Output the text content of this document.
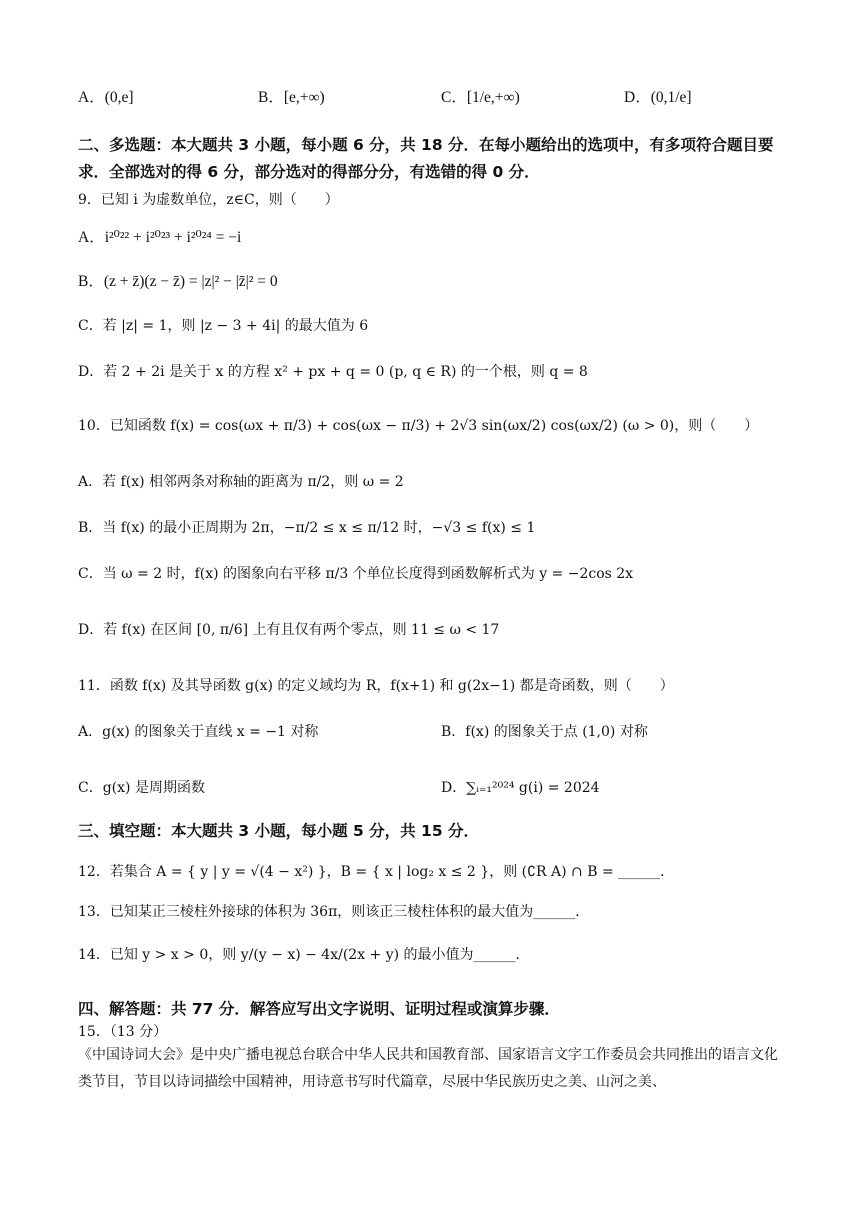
A．(0,e]	B．[e,+∞)	C．[1/e,+∞)	D．(0,1/e]
二、多选题：本大题共 3 小题，每小题 6 分，共 18 分．在每小题给出的选项中，有多项符合题目要求．全部选对的得 6 分，部分选对的得部分分，有选错的得 0 分．
9．已知 i 为虚数单位，z∈C，则（　　）
A．i²⁰²² + i²⁰²³ + i²⁰²⁴ = −i
B．(z + z̄)(z − z̄) = |z|² − |z̄|² = 0
C．若 |z| = 1，则 |z − 3 + 4i| 的最大值为 6
D．若 2 + 2i 是关于 x 的方程 x² + px + q = 0 (p, q ∈ R) 的一个根，则 q = 8
10．已知函数 f(x) = cos(ωx + π/3) + cos(ωx − π/3) + 2√3 sin(ωx/2) cos(ωx/2) (ω > 0)，则（　　）
A．若 f(x) 相邻两条对称轴的距离为 π/2，则 ω = 2
B．当 f(x) 的最小正周期为 2π，−π/2 ≤ x ≤ π/12 时，−√3 ≤ f(x) ≤ 1
C．当 ω = 2 时，f(x) 的图象向右平移 π/3 个单位长度得到函数解析式为 y = −2cos 2x
D．若 f(x) 在区间 [0, π/6] 上有且仅有两个零点，则 11 ≤ ω < 17
11．函数 f(x) 及其导函数 g(x) 的定义域均为 R，f(x+1) 和 g(2x−1) 都是奇函数，则（　　）
A．g(x) 的图象关于直线 x = −1 对称	B．f(x) 的图象关于点 (1,0) 对称
C．g(x) 是周期函数	D．∑ᵢ₌₁²⁰²⁴ g(i) = 2024
三、填空题：本大题共 3 小题，每小题 5 分，共 15 分．
12．若集合 A = { y | y = √(4 − x²) }，B = { x | log₂ x ≤ 2 }，则 (∁R A) ∩ B = ______．
13．已知某正三棱柱外接球的体积为 36π，则该正三棱柱体积的最大值为______．
14．已知 y > x > 0，则 y/(y − x) − 4x/(2x + y) 的最小值为______．
四、解答题：共 77 分．解答应写出文字说明、证明过程或演算步骤．
15．（13 分）
《中国诗词大会》是中央广播电视总台联合中华人民共和国教育部、国家语言文字工作委员会共同推出的语言文化类节目，节目以诗词描绘中国精神，用诗意书写时代篇章，尽展中华民族历史之美、山河之美、
